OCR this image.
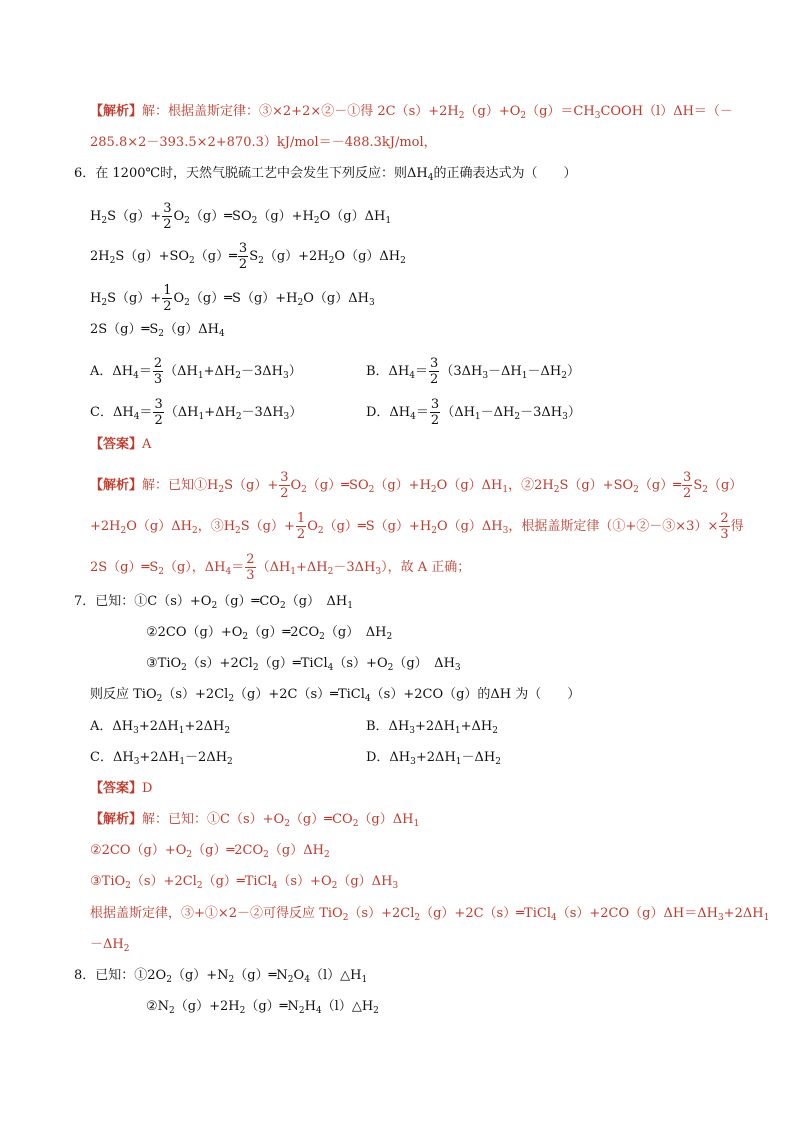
【解析】解：根据盖斯定律：③×2+2×②－①得 $2C(s)+2H_2(g)+O_2(g)=CH_3COOH(l)\Delta H=(-$
285.8×2－393.5×2+870.3）kJ/mol＝－488.3kJ/mol，
6．在 1200℃时，天然气脱硫工艺中会发生下列反应：则$\Delta H_4$的正确表达式为（　　）
$H_2S(g)+ \frac{3}{2}$ $O_2(g)═SO_2(g)+H_2O(g)\Delta H_1$
$2H_2S(g)+SO_2(g)═ \frac{3}{2} S_2(g)+2H_2O(g)\Delta H_2$
$H_2S(g)+ \frac{1}{2}$ $O_2(g)═S(g)+H_2O(g)\Delta H_3$
$2S(g)═S_2(g)\Delta H_4$
A．$\Delta H_4= \frac{2}{3} (\Delta H_1+\Delta H_2-3\Delta H_3)$	B．$\Delta H_4= \frac{3}{2} (3\Delta H_3-\Delta H_1-\Delta H_2)$
C．$\Delta H_4= \frac{3}{2} (\Delta H_1+\Delta H_2-3\Delta H_3)$	D．$\Delta H_4= \frac{3}{2} (\Delta H_1-\Delta H_2-3\Delta H_3)$
【答案】A
【解析】解：已知$①H_2S(g)+ \frac{3}{2}$ $O_2(g)═SO_2(g)+H_2O(g)\Delta H_1$，$②2H_2S(g)+SO_2(g)═ \frac{3}{2} S_2(g)$
$+2H_2O(g)\Delta H_2$，$③H_2S(g)+ \frac{1}{2}$ $O_2(g)═S(g)+H_2O(g)\Delta H_3$，根据盖斯定律（①+②－③×3）× $\frac{2}{3}$ 得
$2S(g)═S_2(g)$，$\Delta H_4= \frac{2}{3} (\Delta H_1+\Delta H_2-3\Delta H_3)$，故 A 正确；
7．已知：$①C(s)+O_2(g)═CO_2(g)$　$\Delta H_1$
$②2CO(g)+O_2(g)═2CO_2(g)$　$\Delta H_2$
$③TiO_2(s)+2Cl_2(g)═TiCl_4(s)+O_2(g)$　$\Delta H_3$
则反应 $TiO_2(s)+2Cl_2(g)+2C(s)═TiCl_4(s)+2CO(g)$的ΔH 为（　　）
A．$\Delta H_3+2\Delta H_1+2\Delta H_2$	B．$\Delta H_3+2\Delta H_1+\Delta H_2$
C．$\Delta H_3+2\Delta H_1-2\Delta H_2$	D．$\Delta H_3+2\Delta H_1-\Delta H_2$
【答案】D
【解析】解：已知：$①C(s)+O_2(g)═CO_2(g)\Delta H_1$
$②2CO(g)+O_2(g)═2CO_2(g)\Delta H_2$
$③TiO_2(s)+2Cl_2(g)═TiCl_4(s)+O_2(g)\Delta H_3$
根据盖斯定律，③+①×2－②可得反应 $TiO_2(s)+2Cl_2(g)+2C(s)═TiCl_4(s)+2CO(g)\Delta H=\Delta H_3+2\Delta H_1$
$-\Delta H_2$
8．已知：$①2O_2(g)+N_2(g)═N_2O_4(l)\triangle H_1$
$②N_2(g)+2H_2(g)═N_2H_4(l)\triangle H_2$
